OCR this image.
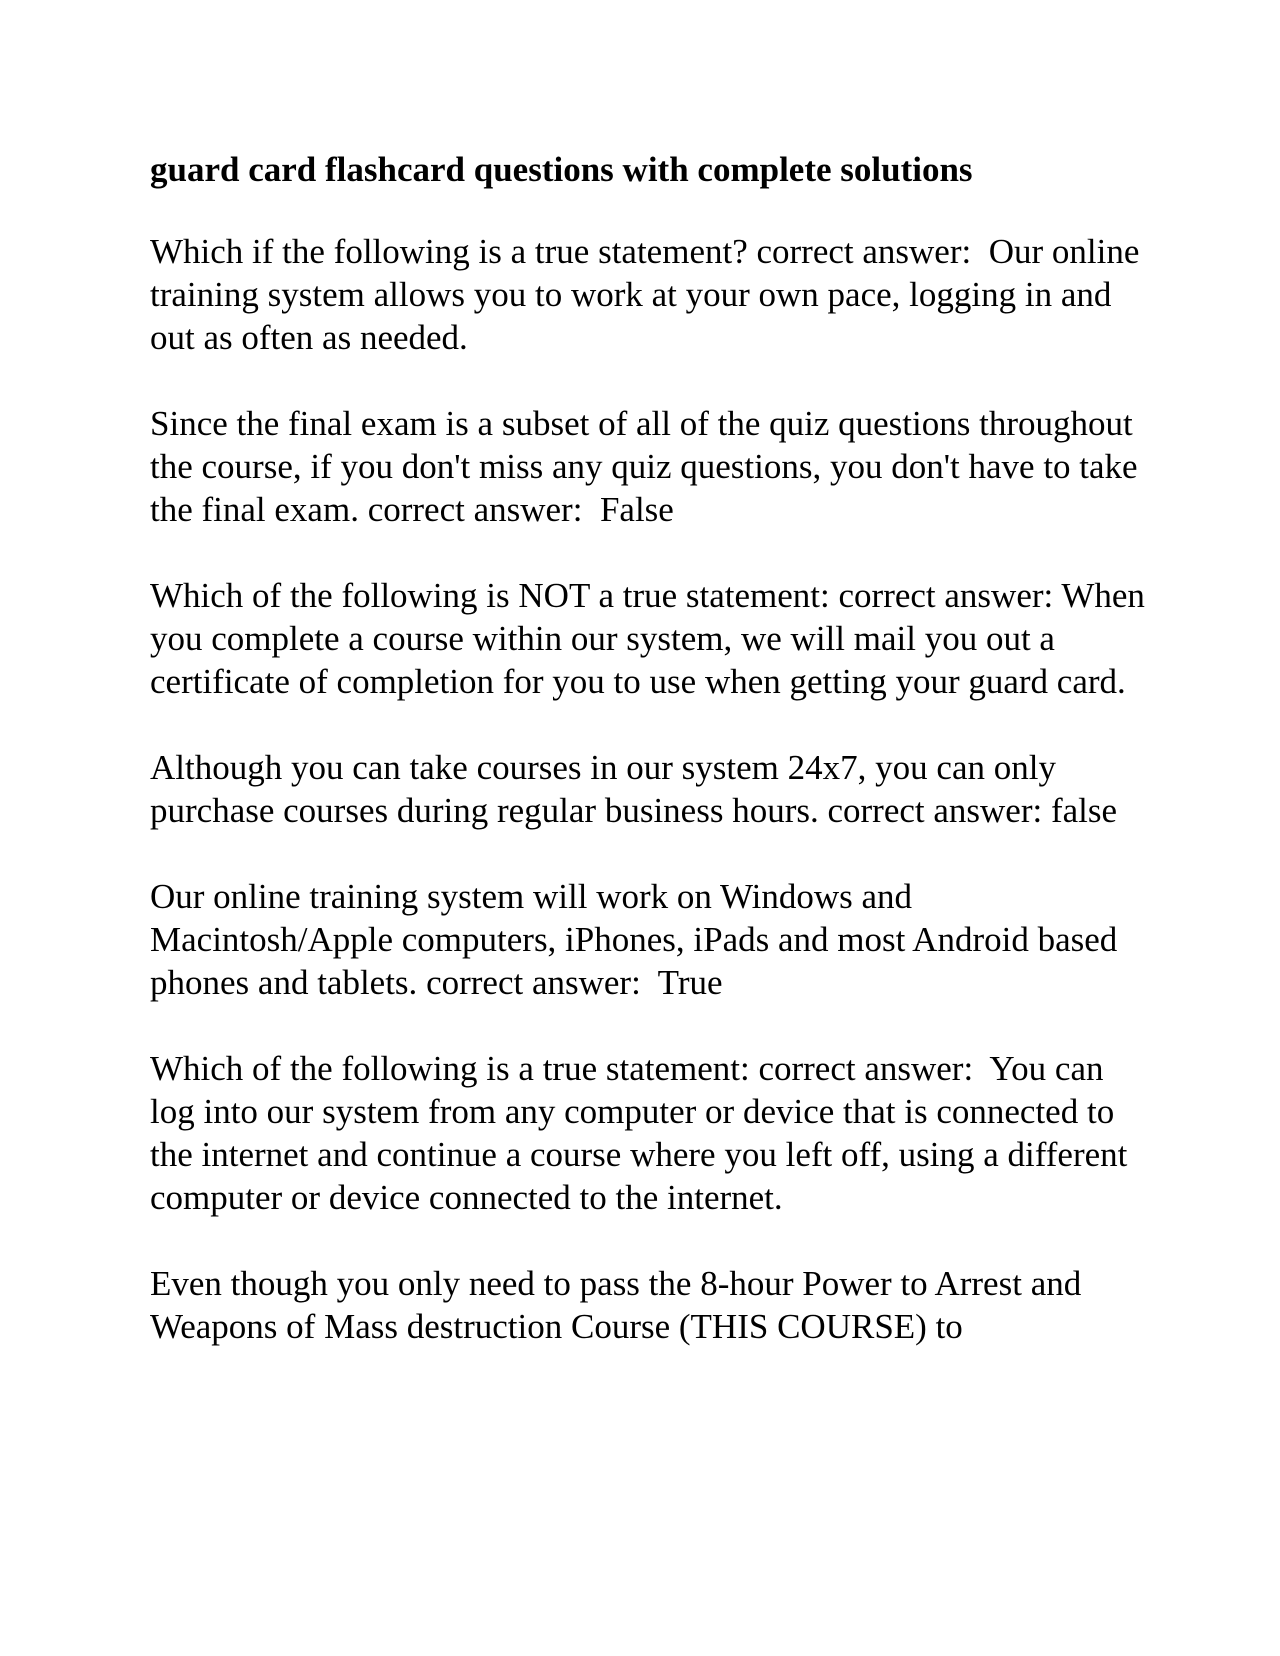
guard card flashcard questions with complete solutions
Which if the following is a true statement? correct answer: Our online training system allows you to work at your own pace, logging in and out as often as needed.
Since the final exam is a subset of all of the quiz questions throughout the course, if you don't miss any quiz questions, you don't have to take the final exam. correct answer: False
Which of the following is NOT a true statement: correct answer: When you complete a course within our system, we will mail you out a certificate of completion for you to use when getting your guard card.
Although you can take courses in our system 24x7, you can only purchase courses during regular business hours. correct answer: false
Our online training system will work on Windows and Macintosh/Apple computers, iPhones, iPads and most Android based phones and tablets. correct answer: True
Which of the following is a true statement: correct answer: You can log into our system from any computer or device that is connected to the internet and continue a course where you left off, using a different computer or device connected to the internet.
Even though you only need to pass the 8-hour Power to Arrest and Weapons of Mass destruction Course (THIS COURSE) to
